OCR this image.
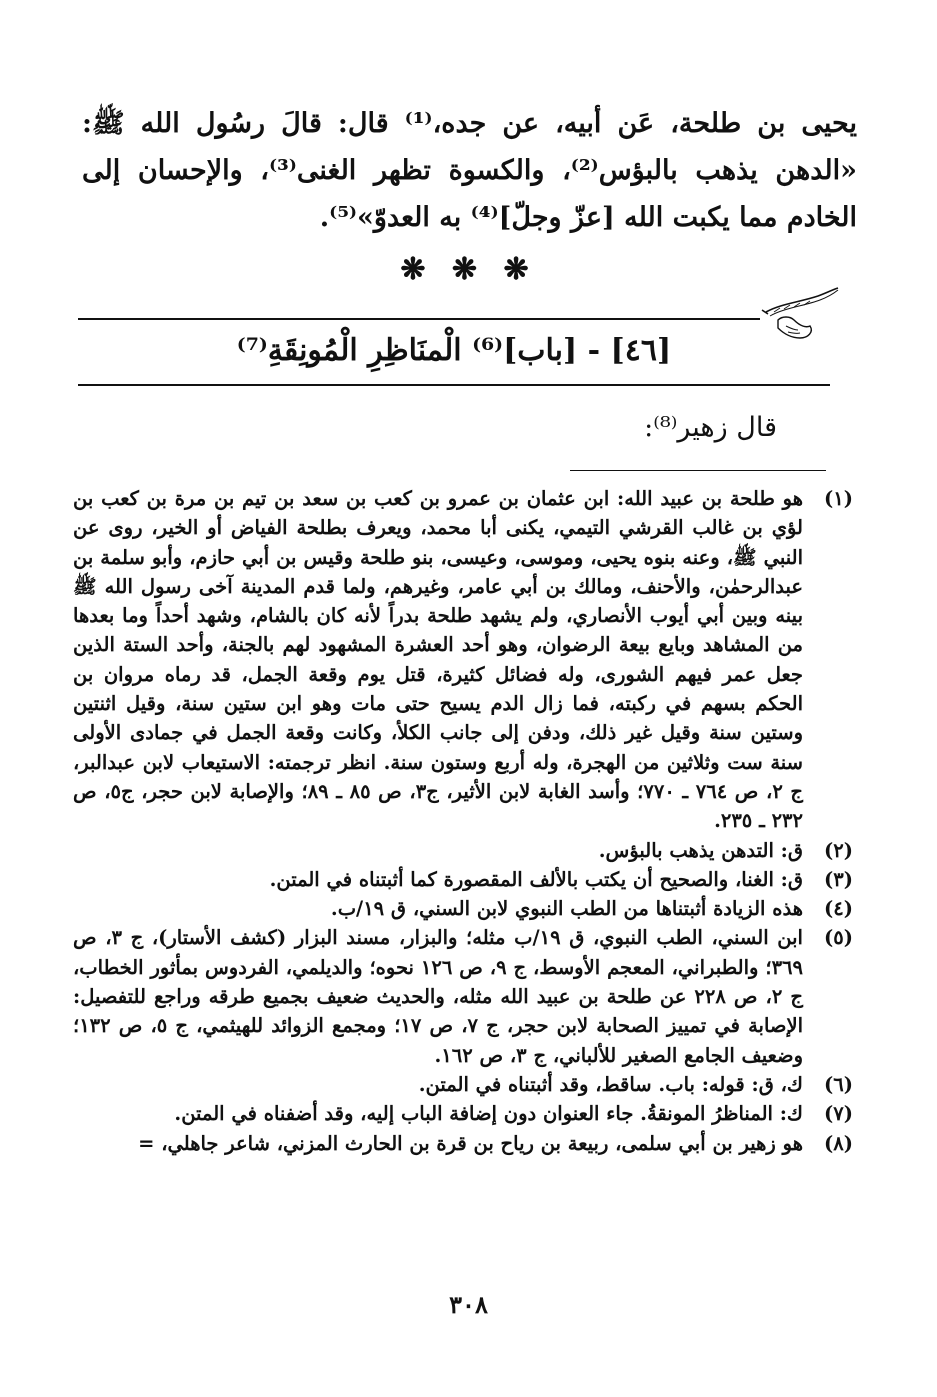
يحيى بن طلحة، عَن أبيه، عن جده،⁽¹⁾ قال: قالَ رسُول الله ﷺ: «الدهن يذهب بالبؤس⁽²⁾، والكسوة تظهر الغنى⁽³⁾، والإحسان إلى الخادم مما يكبت الله [عزّ وجلّ]⁽⁴⁾ به العدوّ»⁽⁵⁾.

❋ ❋ ❋
[٤٦] - [باب]⁽⁶⁾ الْمنَاظِرِ الْمُونِقَةِ⁽⁷⁾
قال زهير⁽⁸⁾:
(١)
هو طلحة بن عبيد الله: ابن عثمان بن عمرو بن كعب بن سعد بن تيم بن مرة بن كعب بن لؤي بن غالب القرشي التيمي، يكنى أبا محمد، ويعرف بطلحة الفياض أو الخير، روى عن النبي ﷺ، وعنه بنوه يحيى، وموسى، وعيسى، بنو طلحة وقيس بن أبي حازم، وأبو سلمة بن عبدالرحمٰن، والأحنف، ومالك بن أبي عامر، وغيرهم، ولما قدم المدينة آخى رسول الله ﷺ بينه وبين أبي أيوب الأنصاري، ولم يشهد طلحة بدراً لأنه كان بالشام، وشهد أحداً وما بعدها من المشاهد وبايع بيعة الرضوان، وهو أحد العشرة المشهود لهم بالجنة، وأحد الستة الذين جعل عمر فيهم الشورى، وله فضائل كثيرة، قتل يوم وقعة الجمل، قد رماه مروان بن الحكم بسهم في ركبته، فما زال الدم يسيح حتى مات وهو ابن ستين سنة، وقيل اثنتين وستين سنة وقيل غير ذلك، ودفن إلى جانب الكلأ، وكانت وقعة الجمل في جمادى الأولى سنة ست وثلاثين من الهجرة، وله أربع وستون سنة. انظر ترجمته: الاستيعاب لابن عبدالبر، ج ٢، ص ٧٦٤ ـ ٧٧٠؛ وأسد الغابة لابن الأثير، ج٣، ص ٨٥ ـ ٨٩؛ والإصابة لابن حجر، ج٥، ص ٢٣٢ ـ ٢٣٥.
(٢)
ق: التدهن يذهب بالبؤس.
(٣)
ق: الغنا، والصحيح أن يكتب بالألف المقصورة كما أثبتناه في المتن.
(٤)
هذه الزيادة أثبتناها من الطب النبوي لابن السني، ق ١٩/ب.
(٥)
ابن السني، الطب النبوي، ق ١٩/ب مثله؛ والبزار، مسند البزار (كشف الأستار)، ج ٣، ص ٣٦٩؛ والطبراني، المعجم الأوسط، ج ٩، ص ١٢٦ نحوه؛ والديلمي، الفردوس بمأثور الخطاب، ج ٢، ص ٢٢٨ عن طلحة بن عبيد الله مثله، والحديث ضعيف بجميع طرقه وراجع للتفصيل: الإصابة في تمييز الصحابة لابن حجر، ج ٧، ص ١٧؛ ومجمع الزوائد للهيثمي، ج ٥، ص ١٣٢؛ وضعيف الجامع الصغير للألباني، ج ٣، ص ١٦٢.
(٦)
ك، ق: قوله: باب. ساقط، وقد أثبتناه في المتن.
(٧)
ك: المناظرُ المونقةُ. جاء العنوان دون إضافة الباب إليه، وقد أضفناه في المتن.
(٨)
هو زهير بن أبي سلمى، ربيعة بن رياح بن قرة بن الحارث المزني، شاعر جاهلي، =
٣٠٨
